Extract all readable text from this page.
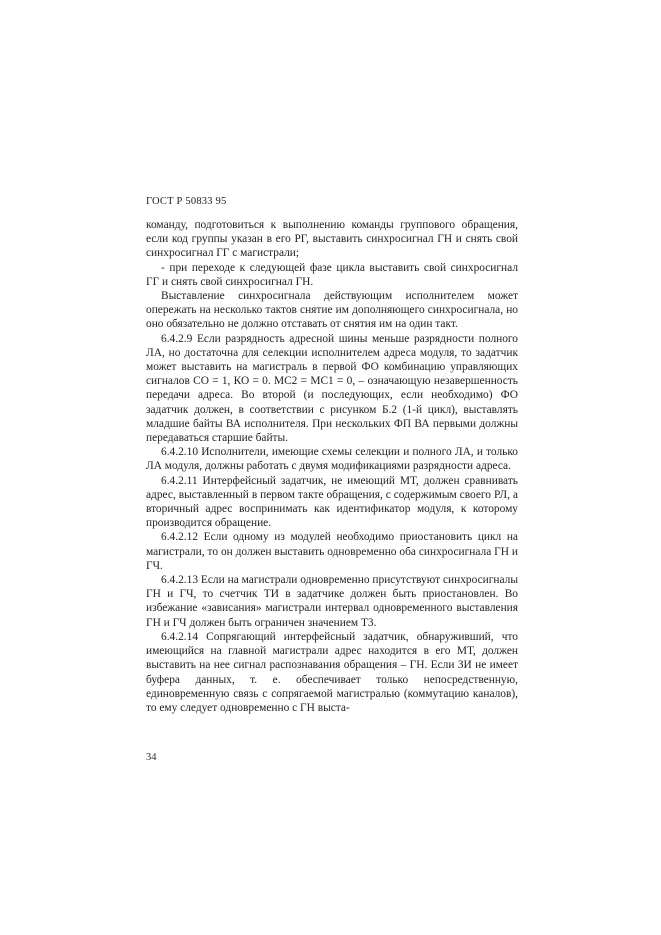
ГОСТ Р 50833 95

команду, подготовиться к выполнению команды группового обращения, если код группы указан в его РГ, выставить синхросигнал ГН и снять свой синхросигнал ГГ с магистрали;

- при переходе к следующей фазе цикла выставить свой синхросигнал ГГ и снять свой синхросигнал ГН.

Выставление синхросигнала действующим исполнителем может опережать на несколько тактов снятие им дополняющего синхросигнала, но оно обязательно не должно отставать от снятия им на один такт.

6.4.2.9 Если разрядность адресной шины меньше разрядности полного ЛА, но достаточна для селекции исполнителем адреса модуля, то задатчик может выставить на магистраль в первой ФО комбинацию управляющих сигналов СО = 1, КО = 0. МС2 = МС1 = 0, – означающую незавершенность передачи адреса. Во второй (и последующих, если необходимо) ФО задатчик должен, в соответствии с рисунком Б.2 (1-й цикл), выставлять младшие байты ВА исполнителя. При нескольких ФП ВА первыми должны передаваться старшие байты.

6.4.2.10 Исполнители, имеющие схемы селекции и полного ЛА, и только ЛА модуля, должны работать с двумя модификациями разрядности адреса.

6.4.2.11 Интерфейсный задатчик, не имеющий МТ, должен сравнивать адрес, выставленный в первом такте обращения, с содержимым своего РЛ, а вторичный адрес воспринимать как идентификатор модуля, к которому производится обращение.

6.4.2.12 Если одному из модулей необходимо приостановить цикл на магистрали, то он должен выставить одновременно оба синхросигнала ГН и ГЧ.

6.4.2.13 Если на магистрали одновременно присутствуют синхросигналы ГН и ГЧ, то счетчик ТИ в задатчике должен быть приостановлен. Во избежание «зависания» магистрали интервал одновременного выставления ГН и ГЧ должен быть ограничен значением Т3.

6.4.2.14 Сопрягающий интерфейсный задатчик, обнаруживший, что имеющийся на главной магистрали адрес находится в его МТ, должен выставить на нее сигнал распознавания обращения – ГН. Если ЗИ не имеет буфера данных, т. е. обеспечивает только непосредственную, единовременную связь с сопрягаемой магистралью (коммутацию каналов), то ему следует одновременно с ГН выста-

34
